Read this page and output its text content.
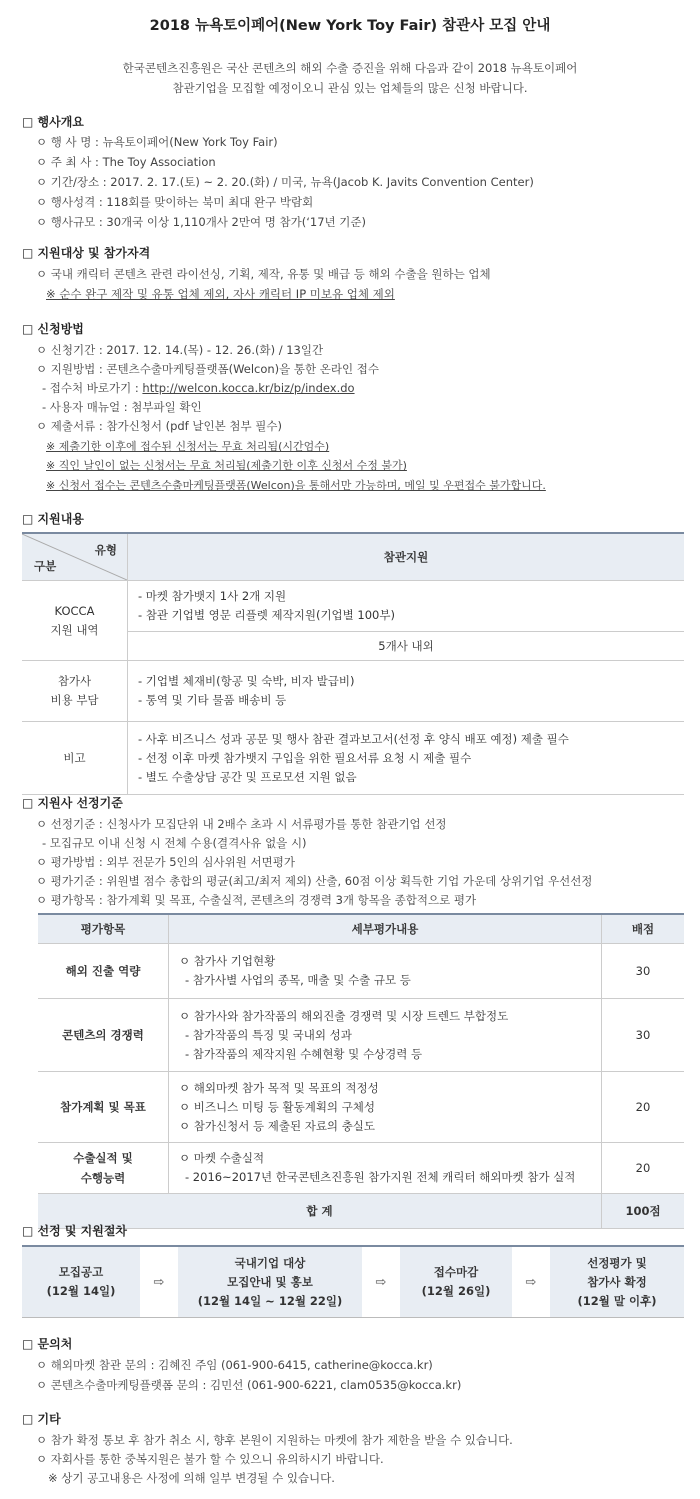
2018 뉴욕토이페어(New York Toy Fair) 참관사 모집 안내
한국콘텐츠진흥원은 국산 콘텐츠의 해외 수출 증진을 위해 다음과 같이 2018 뉴욕토이페어
참관기업을 모집할 예정이오니 관심 있는 업체들의 많은 신청 바랍니다.
□ 행사개요
ㅇ 행 사 명 : 뉴욕토이페어(New York Toy Fair)
ㅇ 주 최 사 : The Toy Association
ㅇ 기간/장소 : 2017. 2. 17.(토) ~ 2. 20.(화) / 미국, 뉴욕(Jacob K. Javits Convention Center)
ㅇ 행사성격 : 118회를 맞이하는 북미 최대 완구 박람회
ㅇ 행사규모 : 30개국 이상 1,110개사 2만여 명 참가(‘17년 기준)
□ 지원대상 및 참가자격
ㅇ 국내 캐릭터 콘텐츠 관련 라이선싱, 기획, 제작, 유통 및 배급 등 해외 수출을 원하는 업체
※ 순수 완구 제작 및 유통 업체 제외, 자사 캐릭터 IP 미보유 업체 제외
□ 신청방법
ㅇ 신청기간 : 2017. 12. 14.(목) - 12. 26.(화) / 13일간
ㅇ 지원방법 : 콘텐츠수출마케팅플랫폼(Welcon)을 통한 온라인 접수
- 접수처 바로가기 : http://welcon.kocca.kr/biz/p/index.do
- 사용자 매뉴얼 : 첨부파일 확인
ㅇ 제출서류 : 참가신청서 (pdf 날인본 첨부 필수)
※ 제출기한 이후에 접수된 신청서는 무효 처리됨(시간엄수)
※ 직인 날인이 없는 신청서는 무효 처리됨(제출기한 이후 신청서 수정 불가)
※ 신청서 접수는 콘텐츠수출마케팅플랫폼(Welcon)을 통해서만 가능하며, 메일 및 우편접수 불가합니다.
□ 지원내용
유형
구분	참관지원
KOCCA
지원 내역	- 마켓 참가뱃지 1사 2개 지원
- 참관 기업별 영문 리플렛 제작지원(기업별 100부)
	5개사 내외
참가사
비용 부담	- 기업별 체재비(항공 및 숙박, 비자 발급비)
- 통역 및 기타 물품 배송비 등
비고	- 사후 비즈니스 성과 공문 및 행사 참관 결과보고서(선정 후 양식 배포 예정) 제출 필수
- 선정 이후 마켓 참가뱃지 구입을 위한 필요서류 요청 시 제출 필수
- 별도 수출상담 공간 및 프로모션 지원 없음
□ 지원사 선정기준
ㅇ 선정기준 : 신청사가 모집단위 내 2배수 초과 시 서류평가를 통한 참관기업 선정
- 모집규모 이내 신청 시 전체 수용(결격사유 없을 시)
ㅇ 평가방법 : 외부 전문가 5인의 심사위원 서면평가
ㅇ 평가기준 : 위원별 점수 총합의 평균(최고/최저 제외) 산출, 60점 이상 획득한 기업 가운데 상위기업 우선선정
ㅇ 평가항목 : 참가계획 및 목표, 수출실적, 콘텐츠의 경쟁력 3개 항목을 종합적으로 평가
평가항목	세부평가내용	배점
해외 진출 역량	ㅇ 참가사 기업현황
- 참가사별 사업의 종목, 매출 및 수출 규모 등	30
콘텐츠의 경쟁력	ㅇ 참가사와 참가작품의 해외진출 경쟁력 및 시장 트렌드 부합정도
- 참가작품의 특징 및 국내외 성과
- 참가작품의 제작지원 수혜현황 및 수상경력 등	30
참가계획 및 목표	ㅇ 해외마켓 참가 목적 및 목표의 적정성
ㅇ 비즈니스 미팅 등 활동계획의 구체성
ㅇ 참가신청서 등 제출된 자료의 충실도	20
수출실적 및
수행능력	ㅇ 마켓 수출실적
- 2016~2017년 한국콘텐츠진흥원 참가지원 전체 캐릭터 해외마켓 참가 실적	20
합 계		100점
□ 선정 및 지원절차
모집공고
(12월 14일)
⇨
국내기업 대상
모집안내 및 홍보
(12월 14일 ~ 12월 22일)
⇨
접수마감
(12월 26일)
⇨
선정평가 및
참가사 확정
(12월 말 이후)
□ 문의처
ㅇ 해외마켓 참관 문의 : 김혜진 주임 (061-900-6415, catherine@kocca.kr)
ㅇ 콘텐츠수출마케팅플랫폼 문의 : 김민선 (061-900-6221, clam0535@kocca.kr)
□ 기타
ㅇ 참가 확정 통보 후 참가 취소 시, 향후 본원이 지원하는 마켓에 참가 제한을 받을 수 있습니다.
ㅇ 자회사를 통한 중복지원은 불가 할 수 있으니 유의하시기 바랍니다.
※ 상기 공고내용은 사정에 의해 일부 변경될 수 있습니다.
